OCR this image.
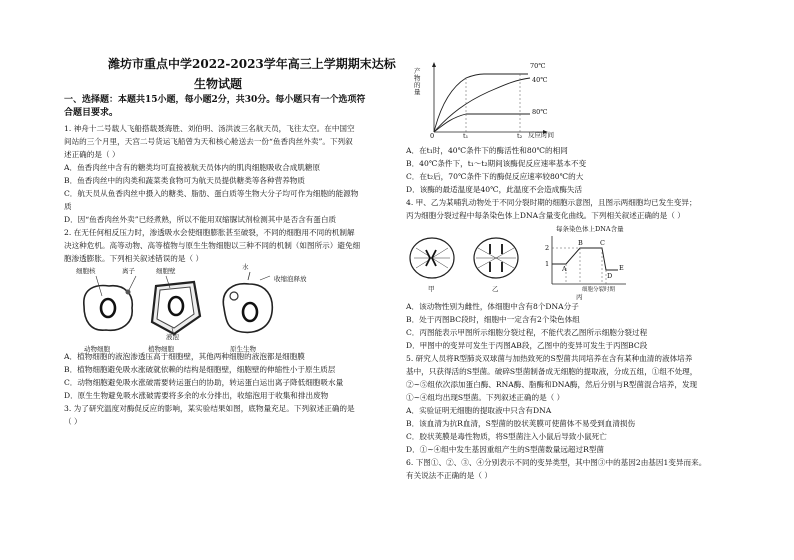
潍坊市重点中学2022-2023学年高三上学期期末达标
生物试题
一、选择题：本题共15小题，每小题2分，共30分。每小题只有一个选项符
合题目要求。
1. 神舟十二号载人飞船搭载聂海胜、刘伯明、汤洪波三名航天员，飞往太空。在中国空
间站的三个月里，天宫二号货运飞船曾为天和核心舱送去一份“鱼香肉丝外卖”。下列叙
述正确的是（ ）
A．鱼香肉丝中含有的糖类均可直接被航天员体内的肌肉细胞吸收合成肌糖原
B．鱼香肉丝中的肉类和蔬菜类食物可为航天员提供糖类等各种营养物质
C．航天员从鱼香肉丝中摄入的糖类、脂肪、蛋白质等生物大分子均可作为细胞的能源物
质
D．因“鱼香肉丝外卖”已经煮熟，所以不能用双缩脲试剂检测其中是否含有蛋白质
2. 在无任何相反压力时，渗透吸水会使细胞膨胀甚至破裂，不同的细胞用不同的机制解
决这种危机。高等动物、高等植物与原生生物细胞以三种不同的机制（如图所示）避免细
胞渗透膨胀。下列相关叙述错误的是（ ）
细胞核	离子	细胞壁	水
收缩泡释放
液泡
动物细胞	植物细胞	原生生物
A．植物细胞的液泡渗透压高于细胞壁，其他两种细胞的液泡都是细胞膜
B．植物细胞避免吸水涨破就依赖的结构是细胞壁，细胞壁的伸缩性小于原生质层
C．动物细胞避免吸水涨破需要转运蛋白的协助，转运蛋白运出离子降低细胞吸水量
D．原生生物避免吸水涨破需要将多余的水分排出，收缩泡用于收集和排出废物
3. 为了研究温度对酶促反应的影响，某实验结果如图，底物量充足。下列叙述正确的是
（ ）
产
物
的
量
0	t₁	t₂ 反应时间
70℃
40℃
80℃
A．在t₁时，40℃条件下的酶活性和80℃的相同
B．40℃条件下，t₁～t₂期间该酶促反应速率基本不变
C．在t₂后，70℃条件下的酶促反应速率较80℃的大
D．该酶的最适温度是40℃，此温度不会造成酶失活
4. 甲、乙为某哺乳动物处于不同分裂时期的细胞示意图，且图示两细胞均已发生变异；
丙为细胞分裂过程中每条染色体上DNA含量变化曲线。下列相关叙述正确的是（ ）
每条染色体上DNA含量
2
1
A
B	C
D
E
细胞分裂时期
甲	乙
丙
A．该动物性别为雌性，体细胞中含有8个DNA分子
B．处于丙图BC段时，细胞中一定含有2个染色体组
C．丙图能表示甲图所示细胞分裂过程，不能代表乙图所示细胞分裂过程
D．甲图中的变异可发生于丙图AB段，乙图中的变异可发生于丙图BC段
5. 研究人员将R型肺炎双球菌与加热致死的S型菌共同培养在含有某种血清的液体培养
基中，只获得活的S型菌。破碎S型菌制备成无细胞的提取液，分成五组，①组不处理，
②~⑤组依次添加蛋白酶、RNA酶、脂酶和DNA酶，然后分别与R型菌混合培养，发现
①~④组均出现S型菌。下列叙述正确的是（ ）
A．实验证明无细胞的提取液中只含有DNA
B．该血清为抗R血清，S型菌的胶状荚膜可使菌体不易受到血清损伤
C．胶状荚膜是毒性物质，将S型菌注入小鼠后导致小鼠死亡
D．①~④组中发生基因重组产生的S型菌数量远超过R型菌
6. 下图①、②、③、④分别表示不同的变异类型，其中图③中的基因2由基因1变异而来。
有关说法不正确的是（ ）
